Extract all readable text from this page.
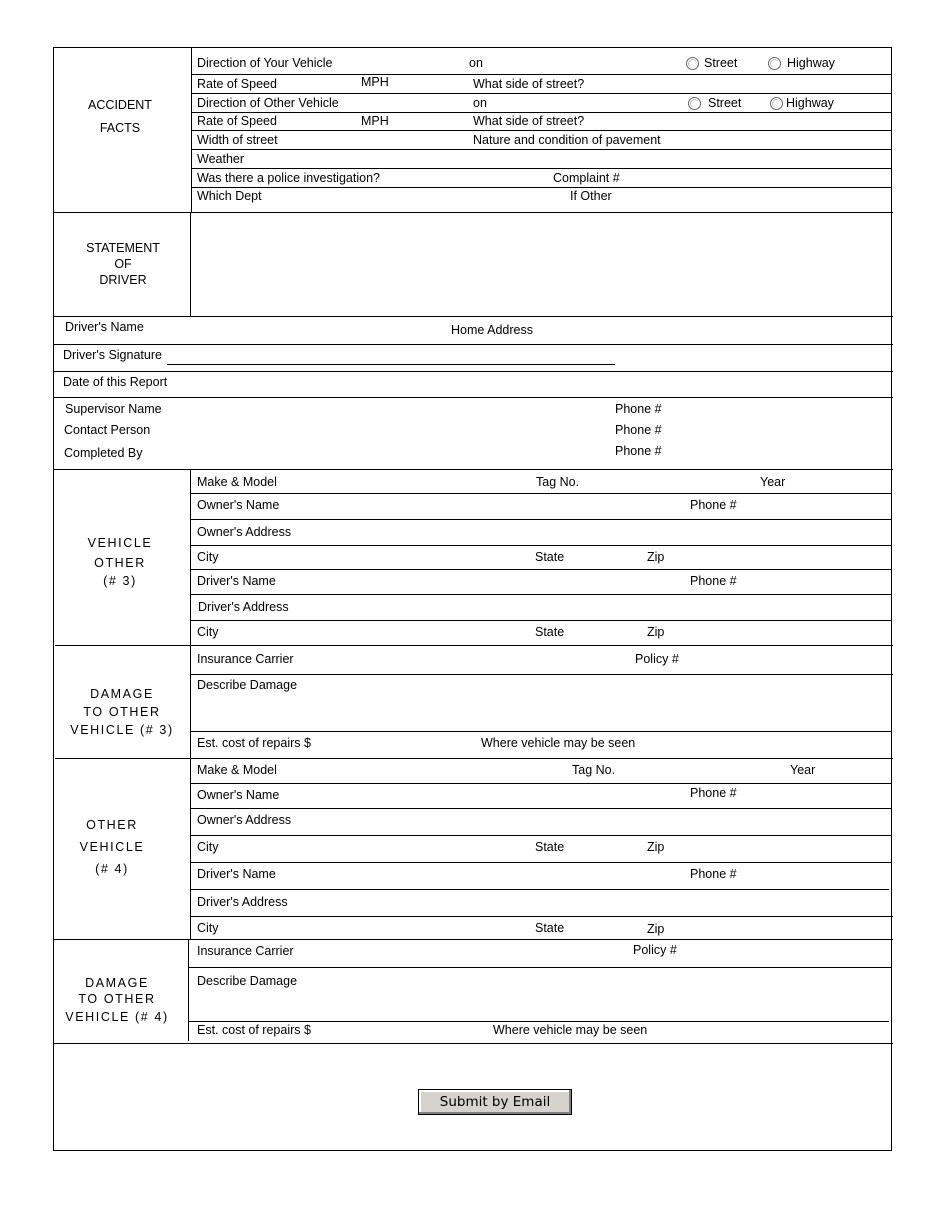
ACCIDENT
FACTS
Direction of Your Vehicle	on	Street	Highway
Rate of Speed	MPH	What side of street?
Direction of Other Vehicle	on	Street	Highway
Rate of Speed	MPH	What side of street?
Width of street	Nature and condition of pavement
Weather
Was there a police investigation?	Complaint #
Which Dept	If Other
STATEMENT
OF
DRIVER
Driver's Name	Home Address
Driver's Signature
Date of this Report
Supervisor Name	Phone #
Contact Person	Phone #
Completed By	Phone #
VEHICLE
OTHER
(# 3)
Make & Model	Tag No.	Year
Owner's Name	Phone #
Owner's Address
City	State	Zip
Driver's Name	Phone #
Driver's Address
City	State	Zip
DAMAGE
TO OTHER
VEHICLE (# 3)
Insurance Carrier	Policy #
Describe Damage
Est. cost of repairs $	Where vehicle may be seen
OTHER
VEHICLE
(# 4)
Make & Model	Tag No.	Year
Owner's Name	Phone #
Owner's Address
City	State	Zip
Driver's Name	Phone #
Driver's Address
City	State	Zip
DAMAGE
TO OTHER
VEHICLE (# 4)
Insurance Carrier	Policy #
Describe Damage
Est. cost of repairs $	Where vehicle may be seen
Submit by Email
